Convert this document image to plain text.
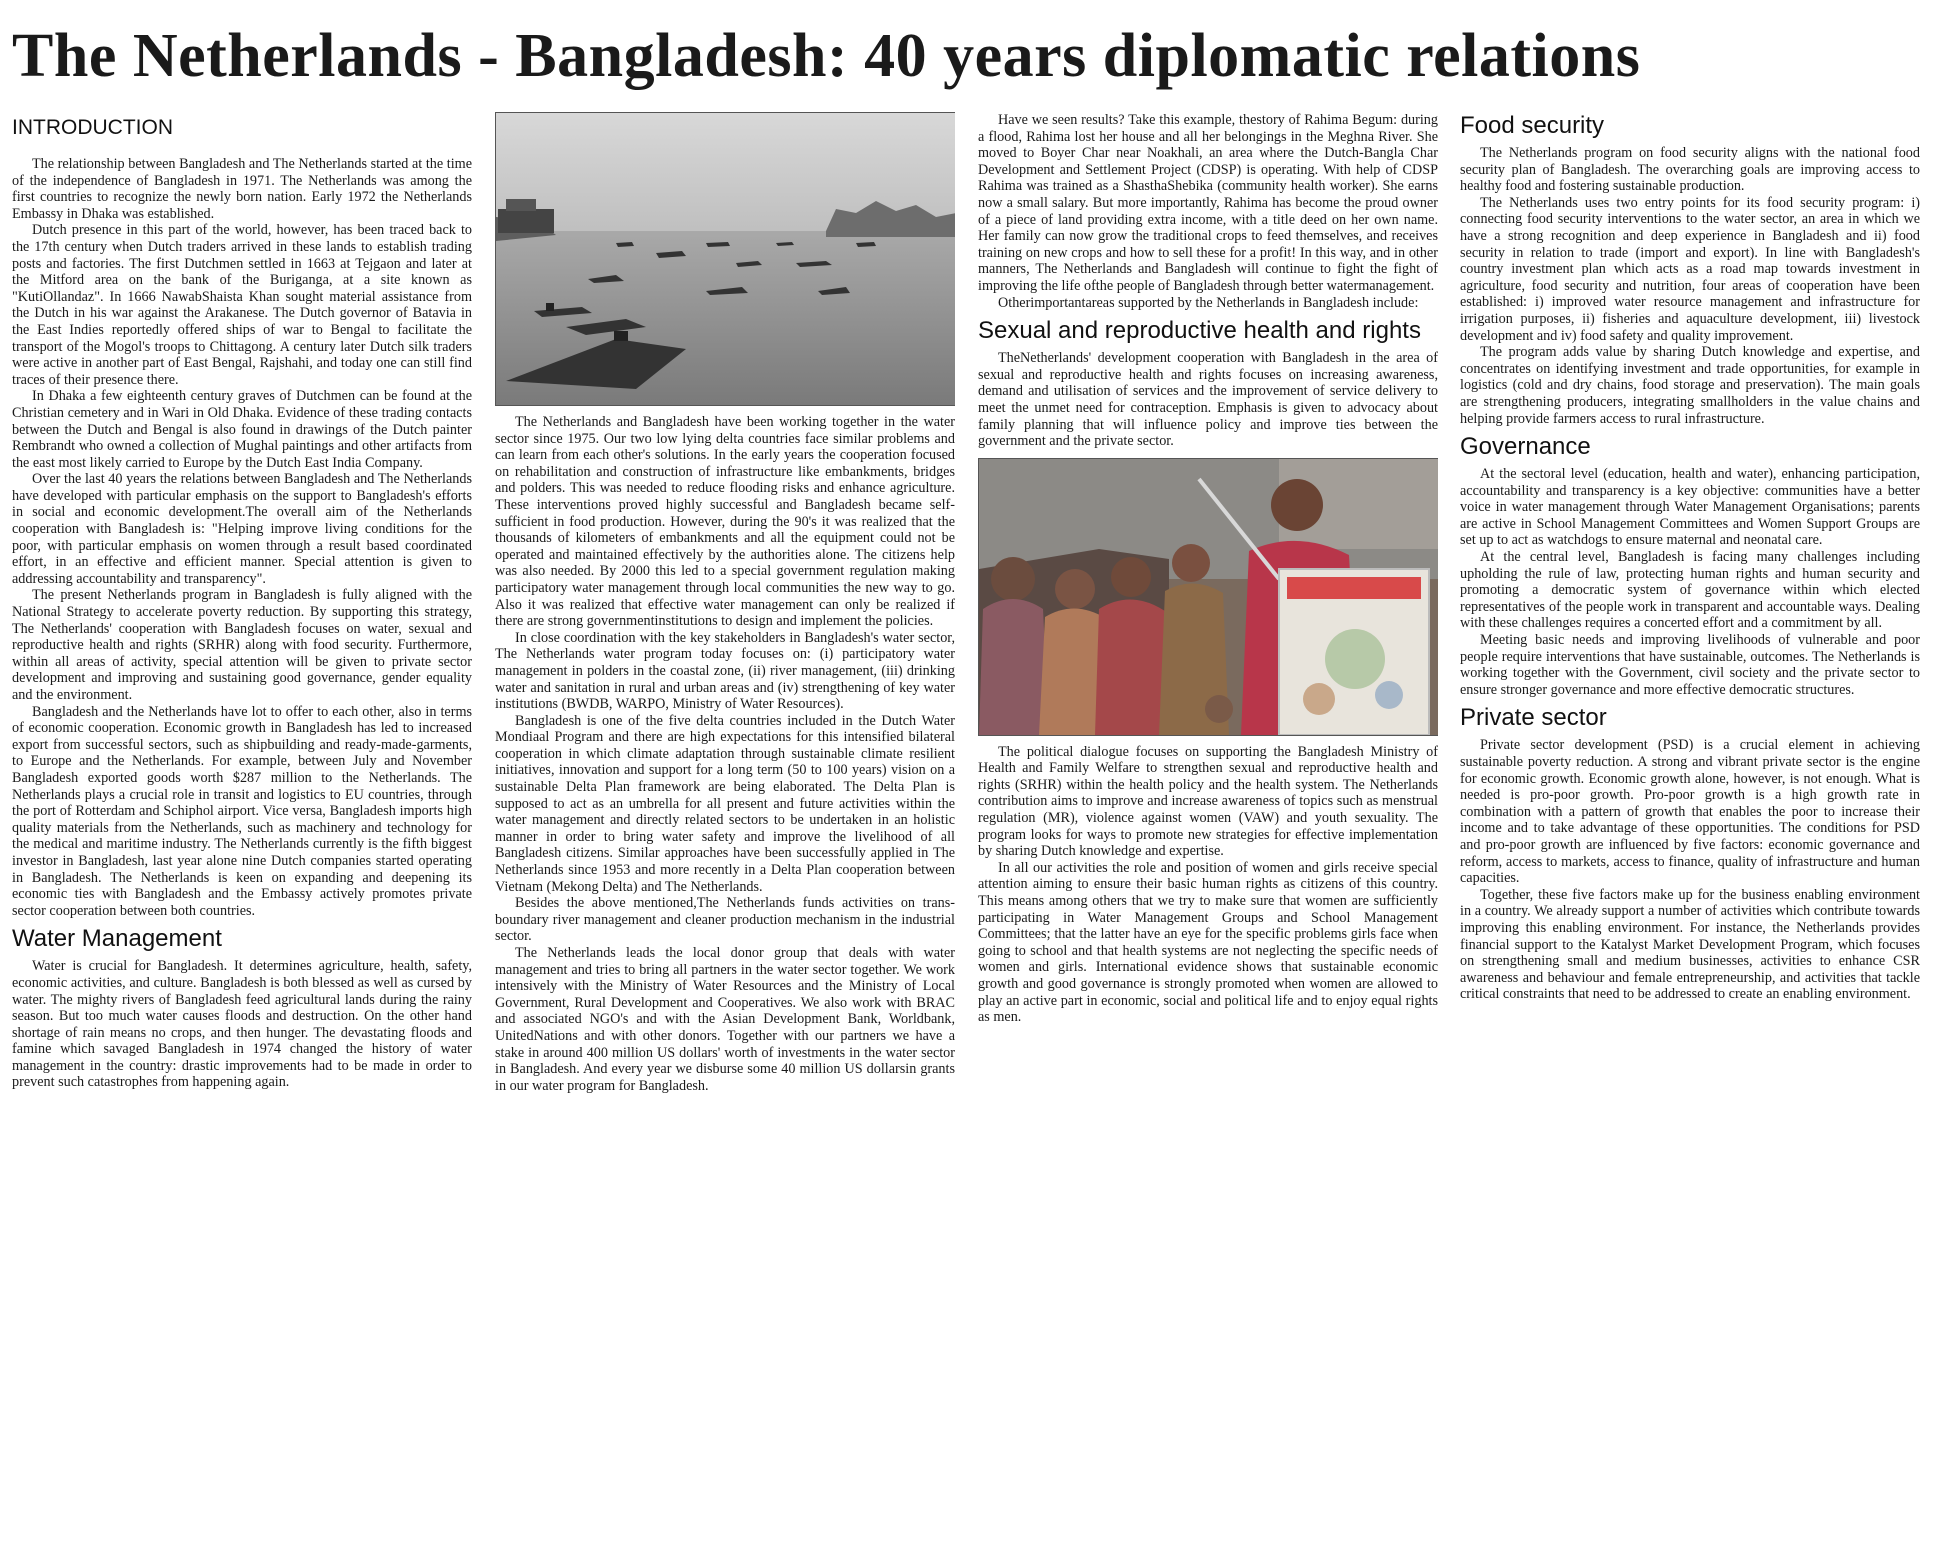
The Netherlands - Bangladesh: 40 years diplomatic relations
INTRODUCTION

The relationship between Bangladesh and The Netherlands started at the time of the independence of Bangladesh in 1971. The Netherlands was among the first countries to recognize the newly born nation. Early 1972 the Netherlands Embassy in Dhaka was established.

Dutch presence in this part of the world, however, has been traced back to the 17th century when Dutch traders arrived in these lands to establish trading posts and factories. The first Dutchmen settled in 1663 at Tejgaon and later at the Mitford area on the bank of the Buriganga, at a site known as "KutiOllandaz". In 1666 NawabShaista Khan sought material assistance from the Dutch in his war against the Arakanese. The Dutch governor of Batavia in the East Indies reportedly offered ships of war to Bengal to facilitate the transport of the Mogol's troops to Chittagong. A century later Dutch silk traders were active in another part of East Bengal, Rajshahi, and today one can still find traces of their presence there.

In Dhaka a few eighteenth century graves of Dutchmen can be found at the Christian cemetery and in Wari in Old Dhaka. Evidence of these trading contacts between the Dutch and Bengal is also found in drawings of the Dutch painter Rembrandt who owned a collection of Mughal paintings and other artifacts from the east most likely carried to Europe by the Dutch East India Company.

Over the last 40 years the relations between Bangladesh and The Netherlands have developed with particular emphasis on the support to Bangladesh's efforts in social and economic development.The overall aim of the Netherlands cooperation with Bangladesh is: "Helping improve living conditions for the poor, with particular emphasis on women through a result based coordinated effort, in an effective and efficient manner. Special attention is given to addressing accountability and transparency".

The present Netherlands program in Bangladesh is fully aligned with the National Strategy to accelerate poverty reduction. By supporting this strategy, The Netherlands' cooperation with Bangladesh focuses on water, sexual and reproductive health and rights (SRHR) along with food security. Furthermore, within all areas of activity, special attention will be given to private sector development and improving and sustaining good governance, gender equality and the environment.

Bangladesh and the Netherlands have lot to offer to each other, also in terms of economic cooperation. Economic growth in Bangladesh has led to increased export from successful sectors, such as shipbuilding and ready-made-garments, to Europe and the Netherlands. For example, between July and November Bangladesh exported goods worth $287 million to the Netherlands. The Netherlands plays a crucial role in transit and logistics to EU countries, through the port of Rotterdam and Schiphol airport. Vice versa, Bangladesh imports high quality materials from the Netherlands, such as machinery and technology for the medical and maritime industry. The Netherlands currently is the fifth biggest investor in Bangladesh, last year alone nine Dutch companies started operating in Bangladesh. The Netherlands is keen on expanding and deepening its economic ties with Bangladesh and the Embassy actively promotes private sector cooperation between both countries.

Water Management

Water is crucial for Bangladesh. It determines agriculture, health, safety, economic activities, and culture. Bangladesh is both blessed as well as cursed by water. The mighty rivers of Bangladesh feed agricultural lands during the rainy season. But too much water causes floods and destruction. On the other hand shortage of rain means no crops, and then hunger. The devastating floods and famine which savaged Bangladesh in 1974 changed the history of water management in the country: drastic improvements had to be made in order to prevent such catastrophes from happening again.

The Netherlands and Bangladesh have been working together in the water sector since 1975. Our two low lying delta countries face similar problems and can learn from each other's solutions. In the early years the cooperation focused on rehabilitation and construction of infrastructure like embankments, bridges and polders. This was needed to reduce flooding risks and enhance agriculture. These interventions proved highly successful and Bangladesh became self-sufficient in food production. However, during the 90's it was realized that the thousands of kilometers of embankments and all the equipment could not be operated and maintained effectively by the authorities alone. The citizens help was also needed. By 2000 this led to a special government regulation making participatory water management through local communities the new way to go. Also it was realized that effective water management can only be realized if there are strong governmentinstitutions to design and implement the policies.

In close coordination with the key stakeholders in Bangladesh's water sector, The Netherlands water program today focuses on: (i) participatory water management in polders in the coastal zone, (ii) river management, (iii) drinking water and sanitation in rural and urban areas and (iv) strengthening of key water institutions (BWDB, WARPO, Ministry of Water Resources).

Bangladesh is one of the five delta countries included in the Dutch Water Mondiaal Program and there are high expectations for this intensified bilateral cooperation in which climate adaptation through sustainable climate resilient initiatives, innovation and support for a long term (50 to 100 years) vision on a sustainable Delta Plan framework are being elaborated. The Delta Plan is supposed to act as an umbrella for all present and future activities within the water management and directly related sectors to be undertaken in an holistic manner in order to bring water safety and improve the livelihood of all Bangladesh citizens. Similar approaches have been successfully applied in The Netherlands since 1953 and more recently in a Delta Plan cooperation between Vietnam (Mekong Delta) and The Netherlands.

Besides the above mentioned,The Netherlands funds activities on trans-boundary river management and cleaner production mechanism in the industrial sector.

The Netherlands leads the local donor group that deals with water management and tries to bring all partners in the water sector together. We work intensively with the Ministry of Water Resources and the Ministry of Local Government, Rural Development and Cooperatives. We also work with BRAC and associated NGO's and with the Asian Development Bank, Worldbank, UnitedNations and with other donors. Together with our partners we have a stake in around 400 million US dollars' worth of investments in the water sector in Bangladesh. And every year we disburse some 40 million US dollarsin grants in our water program for Bangladesh.

Have we seen results? Take this example, thestory of Rahima Begum: during a flood, Rahima lost her house and all her belongings in the Meghna River. She moved to Boyer Char near Noakhali, an area where the Dutch-Bangla Char Development and Settlement Project (CDSP) is operating. With help of CDSP Rahima was trained as a ShasthaShebika (community health worker). She earns now a small salary. But more importantly, Rahima has become the proud owner of a piece of land providing extra income, with a title deed on her own name. Her family can now grow the traditional crops to feed themselves, and receives training on new crops and how to sell these for a profit! In this way, and in other manners, The Netherlands and Bangladesh will continue to fight the fight of improving the life ofthe people of Bangladesh through better watermanagement.

Otherimportantareas supported by the Netherlands in Bangladesh include:

Sexual and reproductive health and rights

TheNetherlands' development cooperation with Bangladesh in the area of sexual and reproductive health and rights focuses on increasing awareness, demand and utilisation of services and the improvement of service delivery to meet the unmet need for contraception. Emphasis is given to advocacy about family planning that will influence policy and improve ties between the government and the private sector.

The political dialogue focuses on supporting the Bangladesh Ministry of Health and Family Welfare to strengthen sexual and reproductive health and rights (SRHR) within the health policy and the health system. The Netherlands contribution aims to improve and increase awareness of topics such as menstrual regulation (MR), violence against women (VAW) and youth sexuality. The program looks for ways to promote new strategies for effective implementation by sharing Dutch knowledge and expertise.

In all our activities the role and position of women and girls receive special attention aiming to ensure their basic human rights as citizens of this country. This means among others that we try to make sure that women are sufficiently participating in Water Management Groups and School Management Committees; that the latter have an eye for the specific problems girls face when going to school and that health systems are not neglecting the specific needs of women and girls. International evidence shows that sustainable economic growth and good governance is strongly promoted when women are allowed to play an active part in economic, social and political life and to enjoy equal rights as men.

Food security

The Netherlands program on food security aligns with the national food security plan of Bangladesh. The overarching goals are improving access to healthy food and fostering sustainable production.

The Netherlands uses two entry points for its food security program: i) connecting food security interventions to the water sector, an area in which we have a strong recognition and deep experience in Bangladesh and ii) food security in relation to trade (import and export). In line with Bangladesh's country investment plan which acts as a road map towards investment in agriculture, food security and nutrition, four areas of cooperation have been established: i) improved water resource management and infrastructure for irrigation purposes, ii) fisheries and aquaculture development, iii) livestock development and iv) food safety and quality improvement.

The program adds value by sharing Dutch knowledge and expertise, and concentrates on identifying investment and trade opportunities, for example in logistics (cold and dry chains, food storage and preservation). The main goals are strengthening producers, integrating smallholders in the value chains and helping provide farmers access to rural infrastructure.

Governance

At the sectoral level (education, health and water), enhancing participation, accountability and transparency is a key objective: communities have a better voice in water management through Water Management Organisations; parents are active in School Management Committees and Women Support Groups are set up to act as watchdogs to ensure maternal and neonatal care.

At the central level, Bangladesh is facing many challenges including upholding the rule of law, protecting human rights and human security and promoting a democratic system of governance within which elected representatives of the people work in transparent and accountable ways. Dealing with these challenges requires a concerted effort and a commitment by all.

Meeting basic needs and improving livelihoods of vulnerable and poor people require interventions that have sustainable, outcomes. The Netherlands is working together with the Government, civil society and the private sector to ensure stronger governance and more effective democratic structures.

Private sector

Private sector development (PSD) is a crucial element in achieving sustainable poverty reduction. A strong and vibrant private sector is the engine for economic growth. Economic growth alone, however, is not enough. What is needed is pro-poor growth. Pro-poor growth is a high growth rate in combination with a pattern of growth that enables the poor to increase their income and to take advantage of these opportunities. The conditions for PSD and pro-poor growth are influenced by five factors: economic governance and reform, access to markets, access to finance, quality of infrastructure and human capacities.

Together, these five factors make up for the business enabling environment in a country. We already support a number of activities which contribute towards improving this enabling environment. For instance, the Netherlands provides financial support to the Katalyst Market Development Program, which focuses on strengthening small and medium businesses, activities to enhance CSR awareness and behaviour and female entrepreneurship, and activities that tackle critical constraints that need to be addressed to create an enabling environment.
